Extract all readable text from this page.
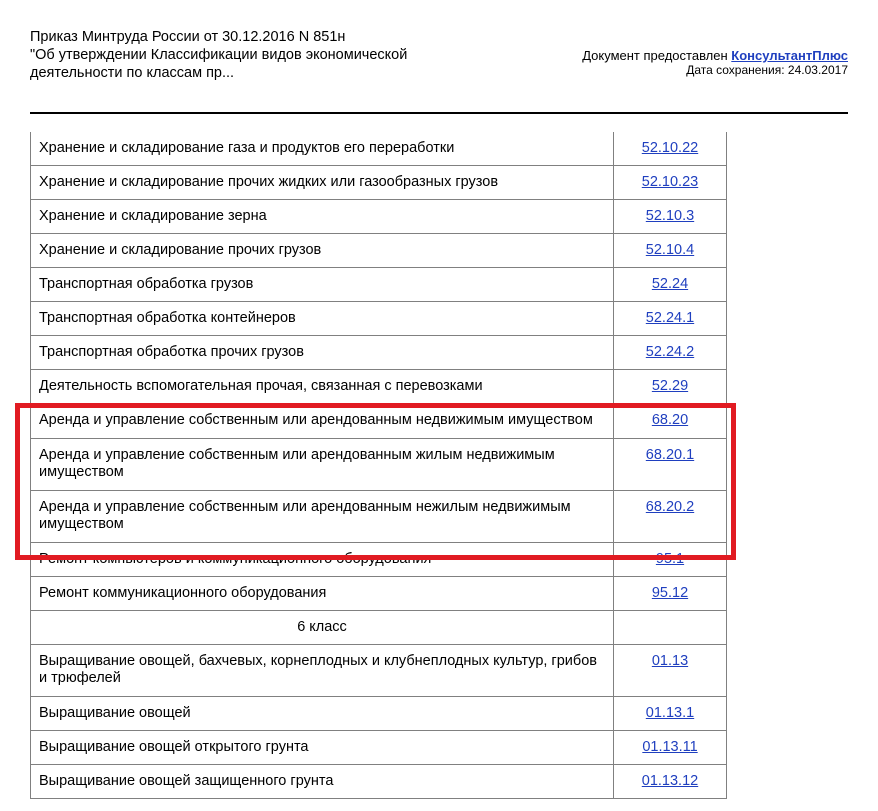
Приказ Минтруда России от 30.12.2016 N 851н
"Об утверждении Классификации видов экономической
деятельности по классам пр...
Документ предоставлен КонсультантПлюс
Дата сохранения: 24.03.2017
Хранение и складирование газа и продуктов его переработки	52.10.22
Хранение и складирование прочих жидких или газообразных грузов	52.10.23
Хранение и складирование зерна	52.10.3
Хранение и складирование прочих грузов	52.10.4
Транспортная обработка грузов	52.24
Транспортная обработка контейнеров	52.24.1
Транспортная обработка прочих грузов	52.24.2
Деятельность вспомогательная прочая, связанная с перевозками	52.29
Аренда и управление собственным или арендованным недвижимым имуществом	68.20
Аренда и управление собственным или арендованным жилым недвижимым имуществом	68.20.1
Аренда и управление собственным или арендованным нежилым недвижимым имуществом	68.20.2
Ремонт компьютеров и коммуникационного оборудования	95.1
Ремонт коммуникационного оборудования	95.12
6 класс	
Выращивание овощей, бахчевых, корнеплодных и клубнеплодных культур, грибов и трюфелей	01.13
Выращивание овощей	01.13.1
Выращивание овощей открытого грунта	01.13.11
Выращивание овощей защищенного грунта	01.13.12
